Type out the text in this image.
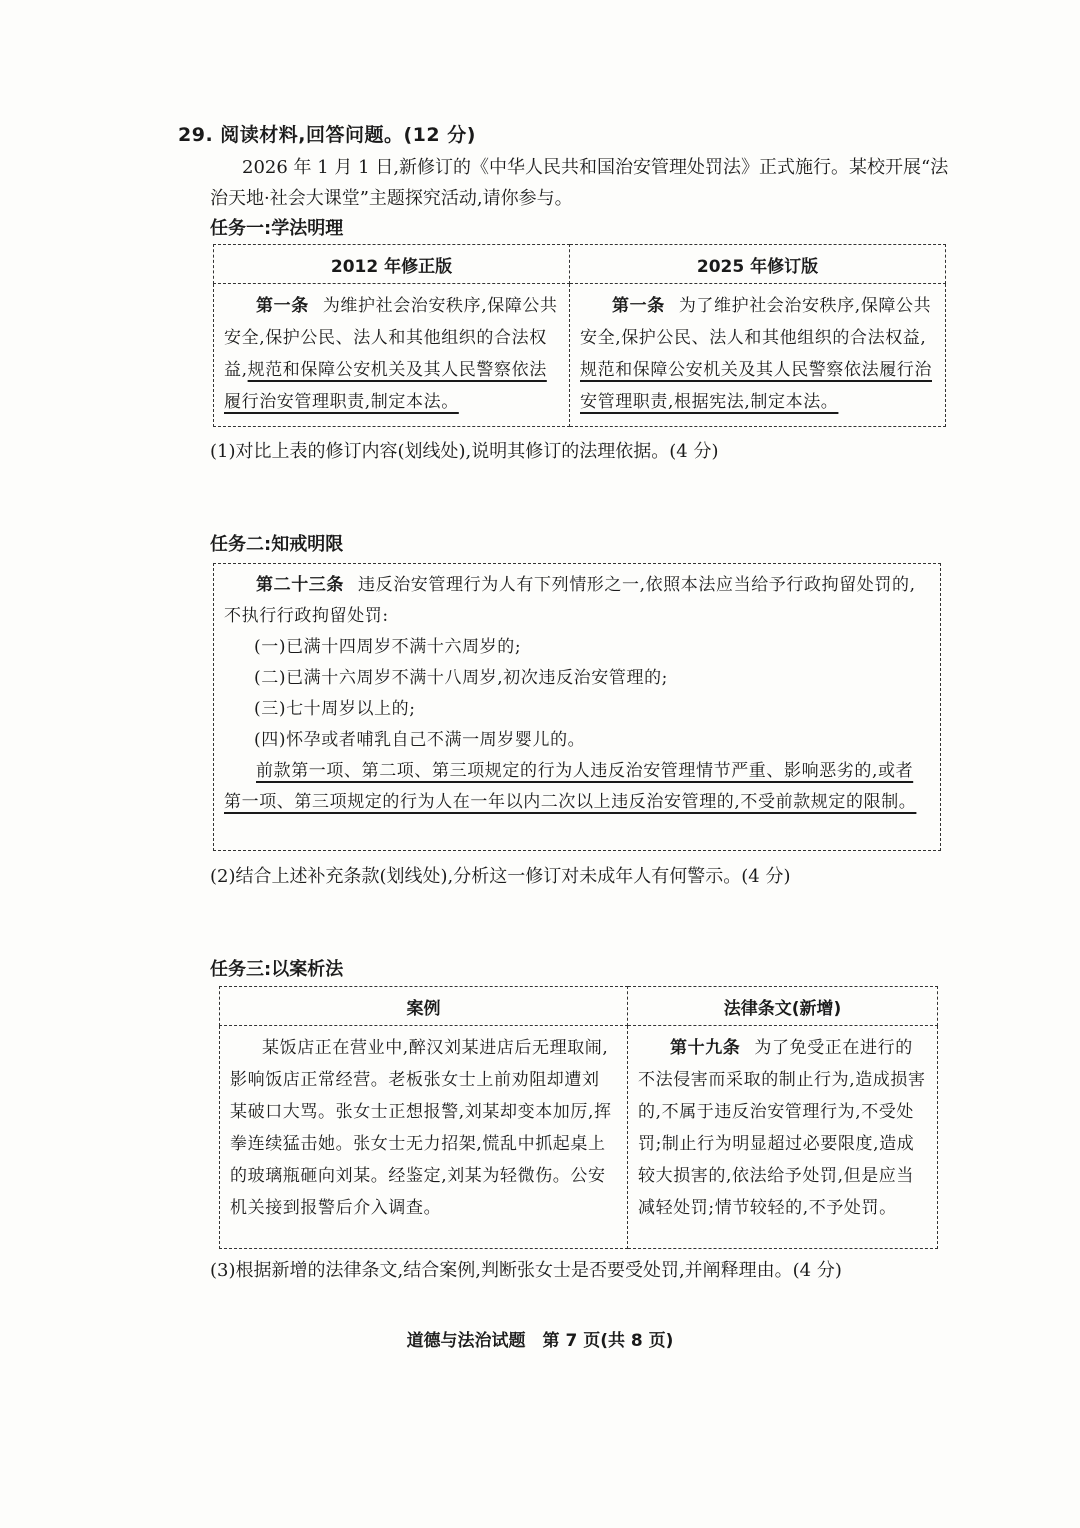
29. 阅读材料,回答问题。(12 分)

2026 年 1 月 1 日,新修订的《中华人民共和国治安管理处罚法》正式施行。某校开展“法治天地·社会大课堂”主题探究活动,请你参与。

任务一:学法明理
2012 年修正版	2025 年修订版
第一条 为维护社会治安秩序,保障公共安全,保护公民、法人和其他组织的合法权益,规范和保障公安机关及其人民警察依法履行治安管理职责,制定本法。	第一条 为了维护社会治安秩序,保障公共安全,保护公民、法人和其他组织的合法权益,规范和保障公安机关及其人民警察依法履行治安管理职责,根据宪法,制定本法。

(1)对比上表的修订内容(划线处),说明其修订的法理依据。(4 分)

任务二:知戒明限
第二十三条 违反治安管理行为人有下列情形之一,依照本法应当给予行政拘留处罚的,不执行行政拘留处罚:
(一)已满十四周岁不满十六周岁的;
(二)已满十六周岁不满十八周岁,初次违反治安管理的;
(三)七十周岁以上的;
(四)怀孕或者哺乳自己不满一周岁婴儿的。
前款第一项、第二项、第三项规定的行为人违反治安管理情节严重、影响恶劣的,或者第一项、第三项规定的行为人在一年以内二次以上违反治安管理的,不受前款规定的限制。

(2)结合上述补充条款(划线处),分析这一修订对未成年人有何警示。(4 分)

任务三:以案析法
案例	法律条文(新增)

某饭店正在营业中,醉汉刘某进店后无理取闹,影响饭店正常经营。老板张女士上前劝阻却遭刘某破口大骂。张女士正想报警,刘某却变本加厉,挥拳连续猛击她。张女士无力招架,慌乱中抓起桌上的玻璃瓶砸向刘某。经鉴定,刘某为轻微伤。公安机关接到报警后介入调查。	第十九条 为了免受正在进行的不法侵害而采取的制止行为,造成损害的,不属于违反治安管理行为,不受处罚;制止行为明显超过必要限度,造成较大损害的,依法给予处罚,但是应当减轻处罚;情节较轻的,不予处罚。

(3)根据新增的法律条文,结合案例,判断张女士是否要受处罚,并阐释理由。(4 分)

道德与法治试题　第 7 页(共 8 页)
